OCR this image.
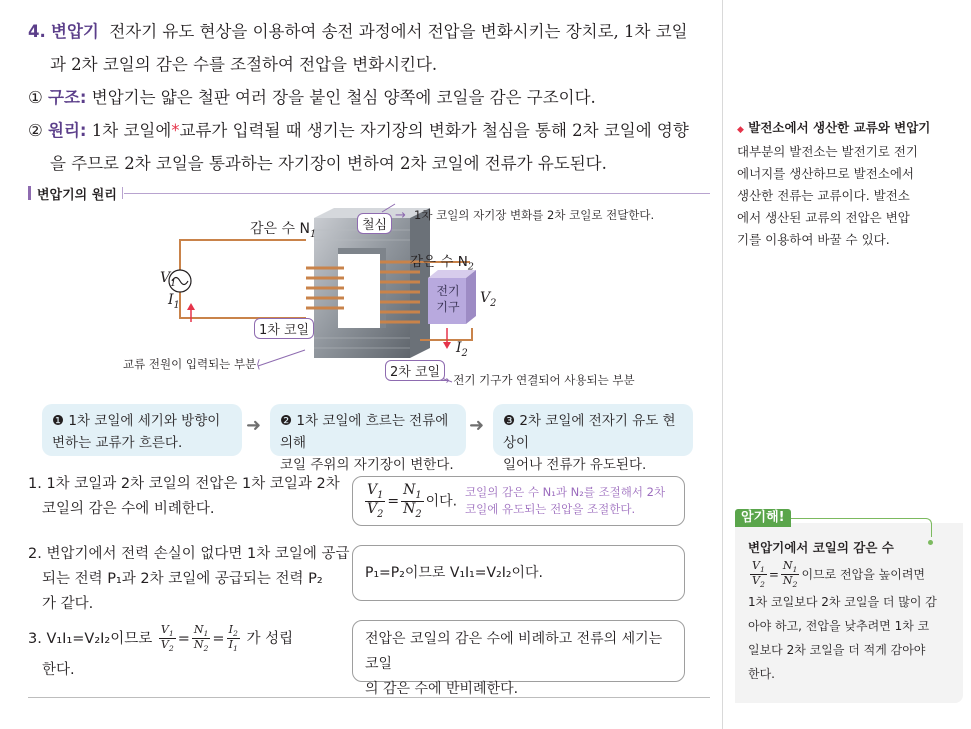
4. 변압기 전자기 유도 현상을 이용하여 송전 과정에서 전압을 변화시키는 장치로, 1차 코일

과 2차 코일의 감은 수를 조절하여 전압을 변화시킨다.

① 구조: 변압기는 얇은 철판 여러 장을 붙인 철심 양쪽에 코일을 감은 구조이다.

② 원리: 1차 코일에*교류가 입력될 때 생기는 자기장의 변화가 철심을 통해 2차 코일에 영향

을 주므로 2차 코일을 통과하는 자기장이 변하여 2차 코일에 전류가 유도된다.

변압기의 원리
감은 수 $N_1$
철심
→ 1차 코일의 자기장 변화를 2차 코일로 전달한다.
감은 수 $N_2$
$V_1$
$I_1$
1차 코일
전기
기구
$V_2$
$I_2$
교류 전원이 입력되는 부분⟨
2차 코일 → 전기 기구가 연결되어 사용되는 부분
❶ 1차 코일에 세기와 방향이
변하는 교류가 흐른다.
➜ ❷ 1차 코일에 흐르는 전류에 의해
코일 주위의 자기장이 변한다.
➜ ❸ 2차 코일에 전자기 유도 현상이
일어나 전류가 유도된다.
1. 1차 코일과 2차 코일의 전압은 1차 코일과 2차
코일의 감은 수에 비례한다.	$\frac{V_1}{V_2} = \frac{N_1}{N_2}$ 이다.
코일의 감은 수 N₁과 N₂를 조절해서 2차
코일에 유도되는 전압을 조절한다.
2. 변압기에서 전력 손실이 없다면 1차 코일에 공급
되는 전력 P₁과 2차 코일에 공급되는 전력 P₂
가 같다.
P₁=P₂이므로 V₁I₁=V₂I₂이다.
3. V₁I₁=V₂I₂이므로 $\frac{V_1}{V_2} = \frac{N_1}{N_2} = \frac{I_2}{I_1}$ 가 성립
한다.
전압은 코일의 감은 수에 비례하고 전류의 세기는 코일
의 감은 수에 반비례한다.
◆ 발전소에서 생산한 교류와 변압기
대부분의 발전소는 발전기로 전기
에너지를 생산하므로 발전소에서
생산한 전류는 교류이다. 발전소
에서 생산된 교류의 전압은 변압
기를 이용하여 바꿀 수 있다.
암기해!
변압기에서 코일의 감은 수
$\frac{V_1}{V_2} = \frac{N_1}{N_2}$ 이므로 전압을 높이려면
1차 코일보다 2차 코일을 더 많이 감
아야 하고, 전압을 낮추려면 1차 코
일보다 2차 코일을 더 적게 감아야
한다.
